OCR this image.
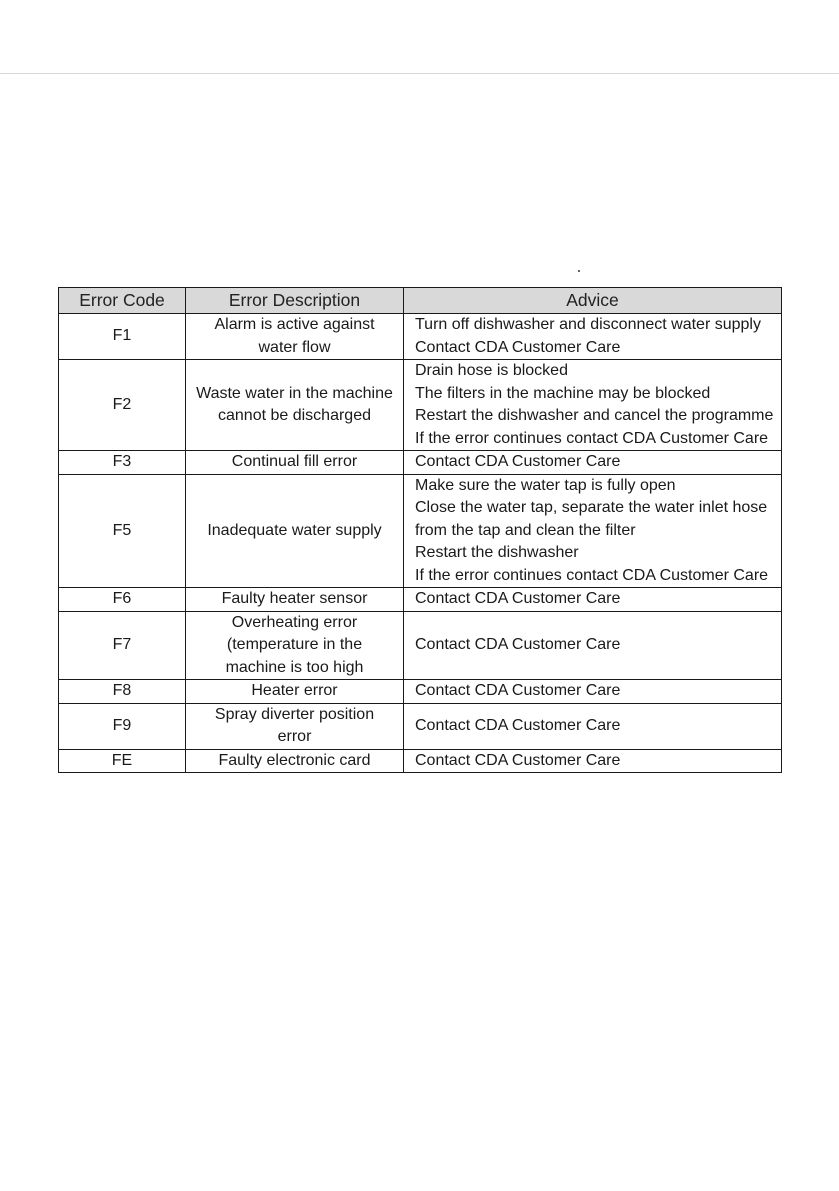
Error Code	Error Description	Advice
F1	Alarm is active against water flow	Turn off dishwasher and disconnect water supply
Contact CDA Customer Care

F2	Waste water in the machine cannot be discharged	Drain hose is blocked
The filters in the machine may be blocked
Restart the dishwasher and cancel the programme
If the error continues contact CDA Customer Care

F3	Continual fill error	Contact CDA Customer Care

F5	Inadequate water supply	Make sure the water tap is fully open
Close the water tap, separate the water inlet hose from the tap and clean the filter
Restart the dishwasher
If the error continues contact CDA Customer Care

F6	Faulty heater sensor	Contact CDA Customer Care

F7	Overheating error (temperature in the machine is too high	Contact CDA Customer Care

F8	Heater error	Contact CDA Customer Care

F9	Spray diverter position error	Contact CDA Customer Care

FE	Faulty electronic card	Contact CDA Customer Care
